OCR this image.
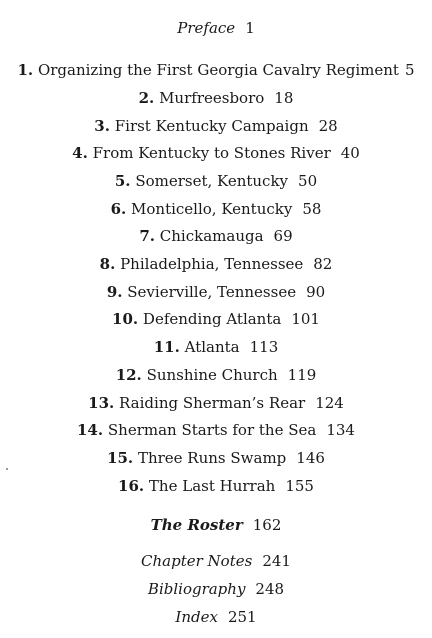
Preface 1
1. Organizing the First Georgia Cavalry Regiment 5
2. Murfreesboro 18
3. First Kentucky Campaign 28
4. From Kentucky to Stones River 40
5. Somerset, Kentucky 50
6. Monticello, Kentucky 58
7. Chickamauga 69
8. Philadelphia, Tennessee 82
9. Sevierville, Tennessee 90
10. Defending Atlanta 101
11. Atlanta 113
12. Sunshine Church 119
13. Raiding Sherman’s Rear 124
14. Sherman Starts for the Sea 134
15. Three Runs Swamp 146
16. The Last Hurrah 155
The Roster 162
Chapter Notes 241
Bibliography 248
Index 251
